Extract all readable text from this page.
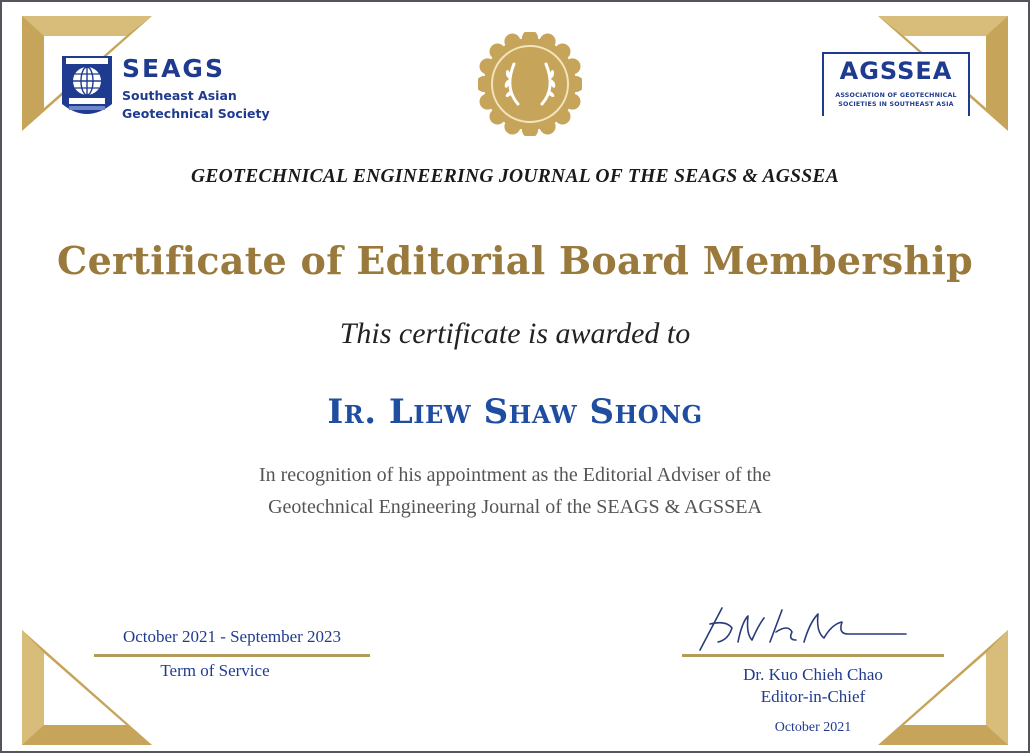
SEAGS
Southeast Asian
Geotechnical Society
AGSSEA
ASSOCIATION OF GEOTECHNICAL
SOCIETIES IN SOUTHEAST ASIA
GEOTECHNICAL ENGINEERING JOURNAL OF THE SEAGS & AGSSEA
Certificate of Editorial Board Membership
This certificate is awarded to
Ir. Liew Shaw Shong
In recognition of his appointment as the Editorial Adviser of the
Geotechnical Engineering Journal of the SEAGS & AGSSEA
October 2021 - September 2023
Term of Service	Dr. Kuo Chieh Chao
Editor-in-Chief
October 2021
